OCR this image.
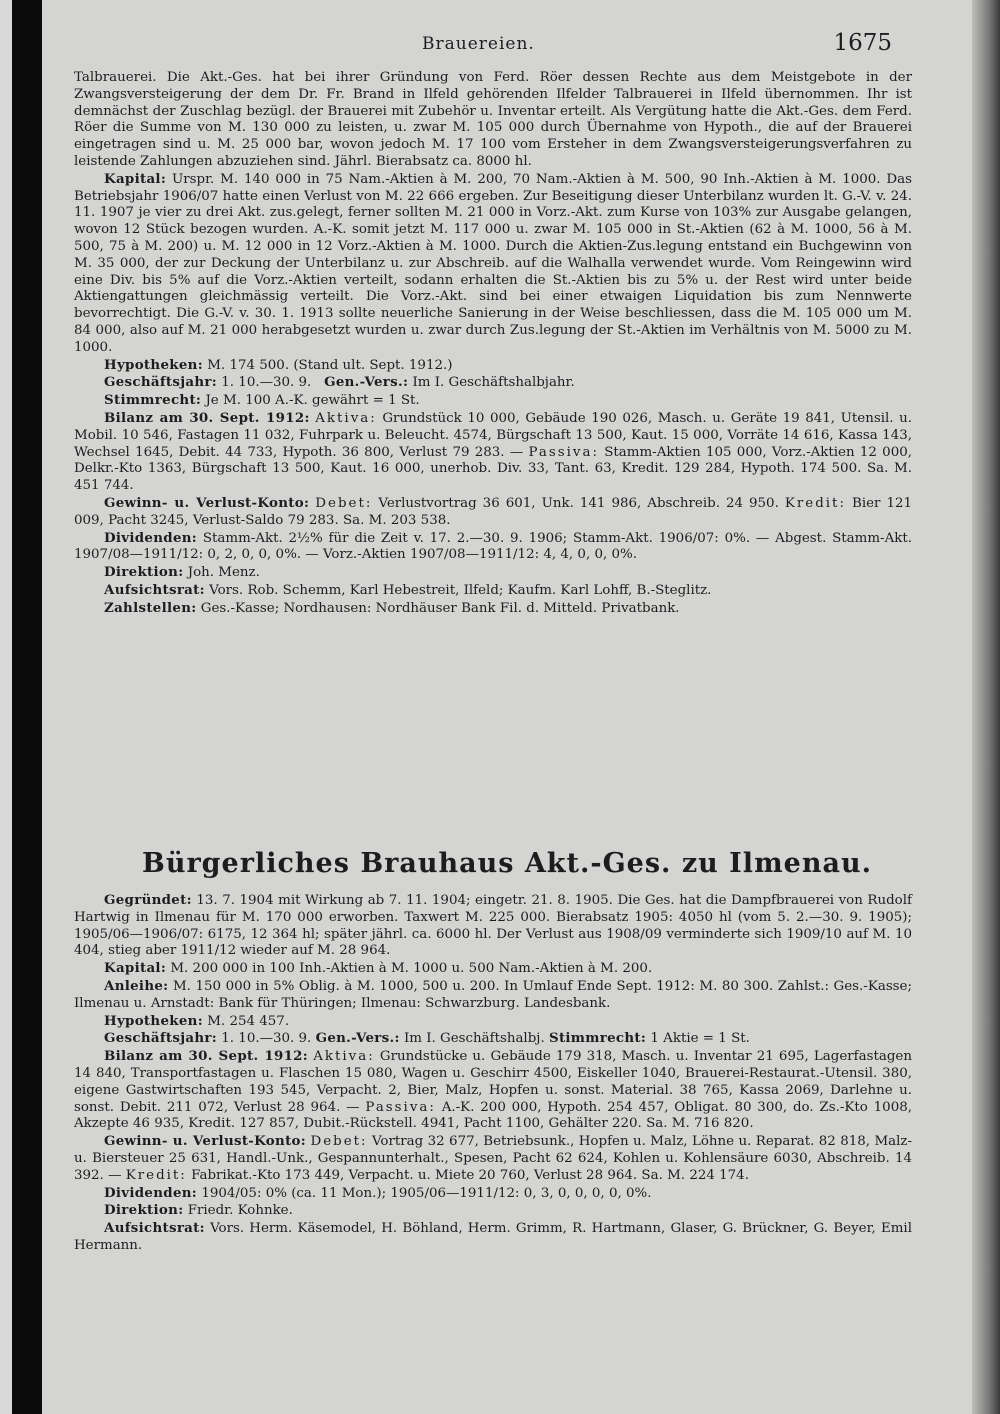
Brauereien.	1675

Talbrauerei. Die Akt.-Ges. hat bei ihrer Gründung von Ferd. Röer dessen Rechte aus dem Meistgebote in der Zwangsversteigerung der dem Dr. Fr. Brand in Ilfeld gehörenden Ilfelder Talbrauerei in Ilfeld übernommen. Ihr ist demnächst der Zuschlag bezügl. der Brauerei mit Zubehör u. Inventar erteilt. Als Vergütung hatte die Akt.-Ges. dem Ferd. Röer die Summe von M. 130 000 zu leisten, u. zwar M. 105 000 durch Übernahme von Hypoth., die auf der Brauerei eingetragen sind u. M. 25 000 bar, wovon jedoch M. 17 100 vom Ersteher in dem Zwangsversteigerungsverfahren zu leistende Zahlungen abzuziehen sind. Jährl. Bierabsatz ca. 8000 hl.

Kapital: Urspr. M. 140 000 in 75 Nam.-Aktien à M. 200, 70 Nam.-Aktien à M. 500, 90 Inh.-Aktien à M. 1000. Das Betriebsjahr 1906/07 hatte einen Verlust von M. 22 666 ergeben. Zur Beseitigung dieser Unterbilanz wurden lt. G.-V. v. 24. 11. 1907 je vier zu drei Akt. zus.gelegt, ferner sollten M. 21 000 in Vorz.-Akt. zum Kurse von 103% zur Ausgabe gelangen, wovon 12 Stück bezogen wurden. A.-K. somit jetzt M. 117 000 u. zwar M. 105 000 in St.-Aktien (62 à M. 1000, 56 à M. 500, 75 à M. 200) u. M. 12 000 in 12 Vorz.-Aktien à M. 1000. Durch die Aktien-Zus.legung entstand ein Buchgewinn von M. 35 000, der zur Deckung der Unterbilanz u. zur Abschreib. auf die Walhalla verwendet wurde. Vom Reingewinn wird eine Div. bis 5% auf die Vorz.-Aktien verteilt, sodann erhalten die St.-Aktien bis zu 5% u. der Rest wird unter beide Aktiengattungen gleichmässig verteilt. Die Vorz.-Akt. sind bei einer etwaigen Liquidation bis zum Nennwerte bevorrechtigt. Die G.-V. v. 30. 1. 1913 sollte neuerliche Sanierung in der Weise beschliessen, dass die M. 105 000 um M. 84 000, also auf M. 21 000 herabgesetzt wurden u. zwar durch Zus.legung der St.-Aktien im Verhältnis von M. 5000 zu M. 1000.

Hypotheken: M. 174 500. (Stand ult. Sept. 1912.)

Geschäftsjahr: 1. 10.—30. 9. Gen.-Vers.: Im I. Geschäftshalbjahr.

Stimmrecht: Je M. 100 A.-K. gewährt = 1 St.

Bilanz am 30. Sept. 1912: Aktiva: Grundstück 10 000, Gebäude 190 026, Masch. u. Geräte 19 841, Utensil. u. Mobil. 10 546, Fastagen 11 032, Fuhrpark u. Beleucht. 4574, Bürgschaft 13 500, Kaut. 15 000, Vorräte 14 616, Kassa 143, Wechsel 1645, Debit. 44 733, Hypoth. 36 800, Verlust 79 283. — Passiva: Stamm-Aktien 105 000, Vorz.-Aktien 12 000, Delkr.-Kto 1363, Bürgschaft 13 500, Kaut. 16 000, unerhob. Div. 33, Tant. 63, Kredit. 129 284, Hypoth. 174 500. Sa. M. 451 744.

Gewinn- u. Verlust-Konto: Debet: Verlustvortrag 36 601, Unk. 141 986, Abschreib. 24 950. Kredit: Bier 121 009, Pacht 3245, Verlust-Saldo 79 283. Sa. M. 203 538.

Dividenden: Stamm-Akt. 2½% für die Zeit v. 17. 2.—30. 9. 1906; Stamm-Akt. 1906/07: 0%. — Abgest. Stamm-Akt. 1907/08—1911/12: 0, 2, 0, 0, 0%. — Vorz.-Aktien 1907/08—1911/12: 4, 4, 0, 0, 0%.

Direktion: Joh. Menz.

Aufsichtsrat: Vors. Rob. Schemm, Karl Hebestreit, Ilfeld; Kaufm. Karl Lohff, B.-Steglitz.

Zahlstellen: Ges.-Kasse; Nordhausen: Nordhäuser Bank Fil. d. Mitteld. Privatbank.

Bürgerliches Brauhaus Akt.-Ges. zu Ilmenau.

Gegründet: 13. 7. 1904 mit Wirkung ab 7. 11. 1904; eingetr. 21. 8. 1905. Die Ges. hat die Dampfbrauerei von Rudolf Hartwig in Ilmenau für M. 170 000 erworben. Taxwert M. 225 000. Bierabsatz 1905: 4050 hl (vom 5. 2.—30. 9. 1905); 1905/06—1906/07: 6175, 12 364 hl; später jährl. ca. 6000 hl. Der Verlust aus 1908/09 verminderte sich 1909/10 auf M. 10 404, stieg aber 1911/12 wieder auf M. 28 964.

Kapital: M. 200 000 in 100 Inh.-Aktien à M. 1000 u. 500 Nam.-Aktien à M. 200.

Anleihe: M. 150 000 in 5% Oblig. à M. 1000, 500 u. 200. In Umlauf Ende Sept. 1912: M. 80 300. Zahlst.: Ges.-Kasse; Ilmenau u. Arnstadt: Bank für Thüringen; Ilmenau: Schwarzburg. Landesbank.

Hypotheken: M. 254 457.

Geschäftsjahr: 1. 10.—30. 9. Gen.-Vers.: Im I. Geschäftshalbj. Stimmrecht: 1 Aktie = 1 St.

Bilanz am 30. Sept. 1912: Aktiva: Grundstücke u. Gebäude 179 318, Masch. u. Inventar 21 695, Lagerfastagen 14 840, Transportfastagen u. Flaschen 15 080, Wagen u. Geschirr 4500, Eiskeller 1040, Brauerei-Restaurat.-Utensil. 380, eigene Gastwirtschaften 193 545, Verpacht. 2, Bier, Malz, Hopfen u. sonst. Material. 38 765, Kassa 2069, Darlehne u. sonst. Debit. 211 072, Verlust 28 964. — Passiva: A.-K. 200 000, Hypoth. 254 457, Obligat. 80 300, do. Zs.-Kto 1008, Akzepte 46 935, Kredit. 127 857, Dubit.-Rückstell. 4941, Pacht 1100, Gehälter 220. Sa. M. 716 820.

Gewinn- u. Verlust-Konto: Debet: Vortrag 32 677, Betriebsunk., Hopfen u. Malz, Löhne u. Reparat. 82 818, Malz- u. Biersteuer 25 631, Handl.-Unk., Gespannunterhalt., Spesen, Pacht 62 624, Kohlen u. Kohlensäure 6030, Abschreib. 14 392. — Kredit: Fabrikat.-Kto 173 449, Verpacht. u. Miete 20 760, Verlust 28 964. Sa. M. 224 174.

Dividenden: 1904/05: 0% (ca. 11 Mon.); 1905/06—1911/12: 0, 3, 0, 0, 0, 0, 0%.

Direktion: Friedr. Kohnke.

Aufsichtsrat: Vors. Herm. Käsemodel, H. Böhland, Herm. Grimm, R. Hartmann, Glaser, G. Brückner, G. Beyer, Emil Hermann.
